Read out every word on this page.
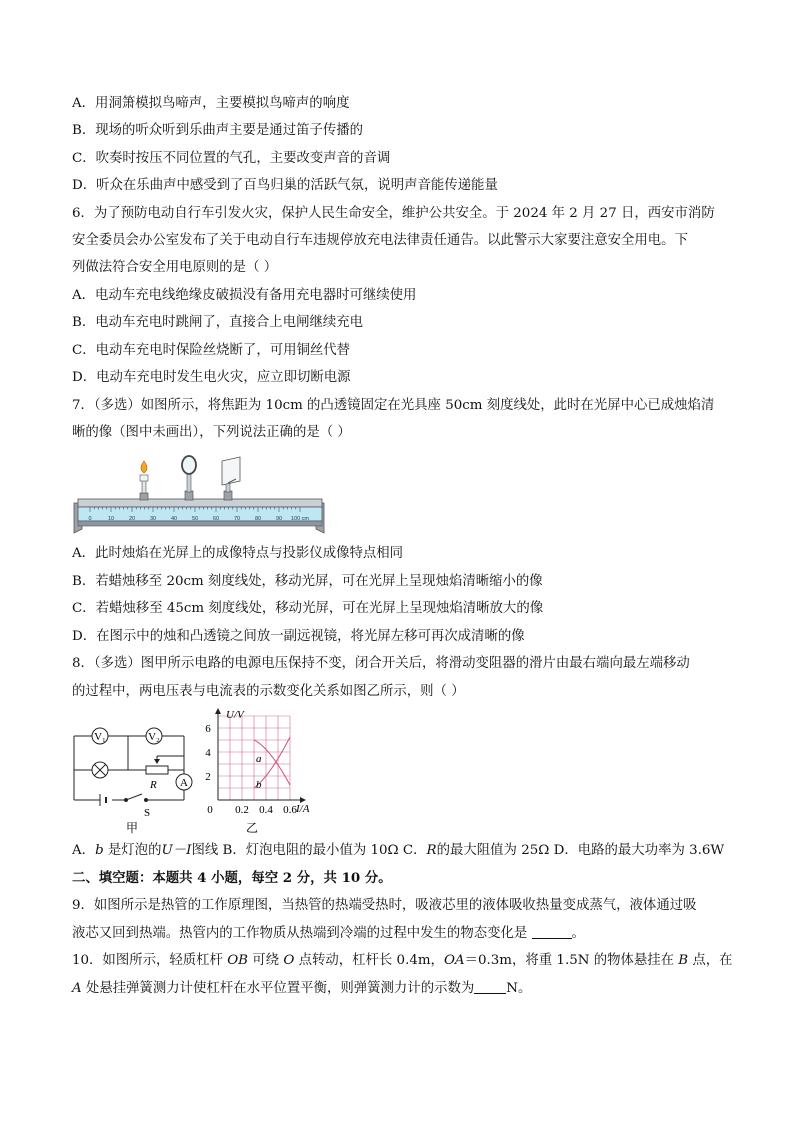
A．用洞箫模拟鸟啼声，主要模拟鸟啼声的响度
B．现场的听众听到乐曲声主要是通过笛子传播的
C．吹奏时按压不同位置的气孔，主要改变声音的音调
D．听众在乐曲声中感受到了百鸟归巢的活跃气氛，说明声音能传递能量
6．为了预防电动自行车引发火灾，保护人民生命安全，维护公共安全。于 2024 年 2 月 27 日，西安市消防
安全委员会办公室发布了关于电动自行车违规停放充电法律责任通告。以此警示大家要注意安全用电。下
列做法符合安全用电原则的是（ ）
A．电动车充电线绝缘皮破损没有备用充电器时可继续使用
B．电动车充电时跳闸了，直接合上电闸继续充电
C．电动车充电时保险丝烧断了，可用铜丝代替
D．电动车充电时发生电火灾，应立即切断电源
7．（多选）如图所示，将焦距为 10cm 的凸透镜固定在光具座 50cm 刻度线处，此时在光屏中心已成烛焰清
晰的像（图中未画出），下列说法正确的是（ ）
0	10	20	30	40	50	60	70	80	90 100 cm
A．此时烛焰在光屏上的成像特点与投影仪成像特点相同
B．若蜡烛移至 20cm 刻度线处，移动光屏，可在光屏上呈现烛焰清晰缩小的像
C．若蜡烛移至 45cm 刻度线处，移动光屏，可在光屏上呈现烛焰清晰放大的像
D．在图示中的烛和凸透镜之间放一副远视镜，将光屏左移可再次成清晰的像
8．（多选）图甲所示电路的电源电压保持不变，闭合开关后，将滑动变阻器的滑片由最右端向最左端移动
的过程中，两电压表与电流表的示数变化关系如图乙所示，则（ ）
V₁	V₂
R A
S
甲
U/V
I/A
2
4
6
0 0.2 0.4 0.6
a
b
乙
A．b 是灯泡的U－I图线 B．灯泡电阻的最小值为 10Ω C．R的最大阻值为 25Ω D．电路的最大功率为 3.6W
二、填空题：本题共 4 小题，每空 2 分，共 10 分。
9．如图所示是热管的工作原理图，当热管的热端受热时，吸液芯里的液体吸收热量变成蒸气，液体通过吸
液芯又回到热端。热管内的工作物质从热端到冷端的过程中发生的物态变化是	。
10．如图所示，轻质杠杆 OB 可绕 O 点转动，杠杆长 0.4m，OA＝0.3m，将重 1.5N 的物体悬挂在 B 点，在
A 处悬挂弹簧测力计使杠杆在水平位置平衡，则弹簧测力计的示数为 N。
